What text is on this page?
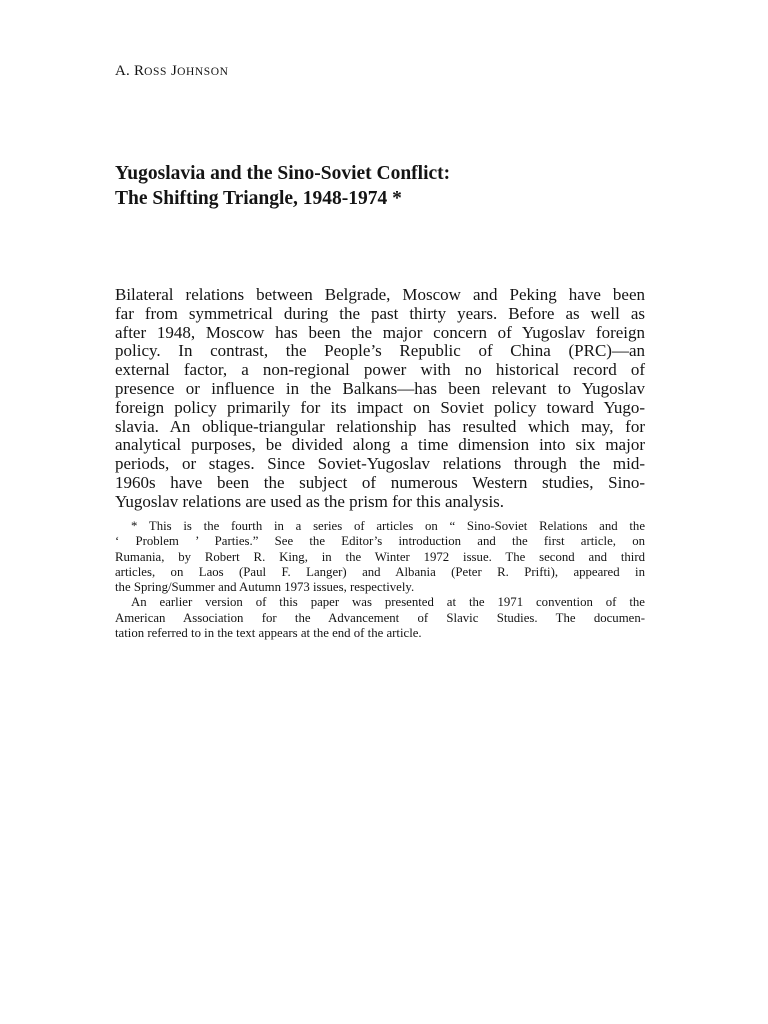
A. ROSS JOHNSON
Yugoslavia and the Sino-Soviet Conflict:
The Shifting Triangle, 1948-1974 *
Bilateral relations between Belgrade, Moscow and Peking have been
far from symmetrical during the past thirty years. Before as well as
after 1948, Moscow has been the major concern of Yugoslav foreign
policy. In contrast, the People’s Republic of China (PRC)—an
external factor, a non-regional power with no historical record of
presence or influence in the Balkans—has been relevant to Yugoslav
foreign policy primarily for its impact on Soviet policy toward Yugo-
slavia. An oblique-triangular relationship has resulted which may, for
analytical purposes, be divided along a time dimension into six major
periods, or stages. Since Soviet-Yugoslav relations through the mid-
1960s have been the subject of numerous Western studies, Sino-
Yugoslav relations are used as the prism for this analysis.
* This is the fourth in a series of articles on “ Sino-Soviet Relations and the
‘ Problem ’ Parties.” See the Editor’s introduction and the first article, on
Rumania, by Robert R. King, in the Winter 1972 issue. The second and third
articles, on Laos (Paul F. Langer) and Albania (Peter R. Prifti), appeared in
the Spring/Summer and Autumn 1973 issues, respectively.
An earlier version of this paper was presented at the 1971 convention of the
American Association for the Advancement of Slavic Studies. The documen-
tation referred to in the text appears at the end of the article.
